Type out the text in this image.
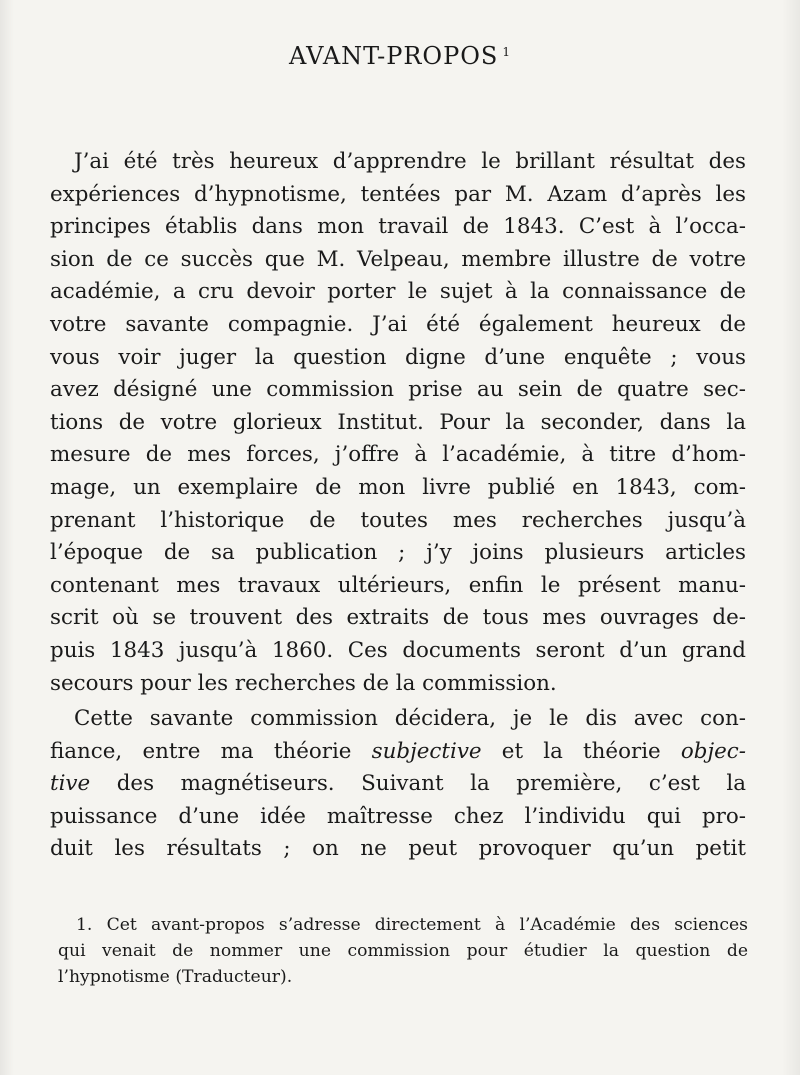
AVANT-PROPOS $^1$
J’ai été très heureux d’apprendre le brillant résultat des
expériences d’hypnotisme, tentées par M. Azam d’après les
principes établis dans mon travail de 1843. C’est à l’occa-
sion de ce succès que M. Velpeau, membre illustre de votre
académie, a cru devoir porter le sujet à la connaissance de
votre savante compagnie. J’ai été également heureux de
vous voir juger la question digne d’une enquête ; vous
avez désigné une commission prise au sein de quatre sec-
tions de votre glorieux Institut. Pour la seconder, dans la
mesure de mes forces, j’offre à l’académie, à titre d’hom-
mage, un exemplaire de mon livre publié en 1843, com-
prenant l’historique de toutes mes recherches jusqu’à
l’époque de sa publication ; j’y joins plusieurs articles
contenant mes travaux ultérieurs, enfin le présent manu-
scrit où se trouvent des extraits de tous mes ouvrages de-
puis 1843 jusqu’à 1860. Ces documents seront d’un grand
secours pour les recherches de la commission.
Cette savante commission décidera, je le dis avec con-
fiance, entre ma théorie subjective et la théorie objec-
tive des magnétiseurs. Suivant la première, c’est la
puissance d’une idée maîtresse chez l’individu qui pro-
duit les résultats ; on ne peut provoquer qu’un petit
1. Cet avant-propos s’adresse directement à l’Académie des sciences
qui venait de nommer une commission pour étudier la question de
l’hypnotisme (Traducteur).
